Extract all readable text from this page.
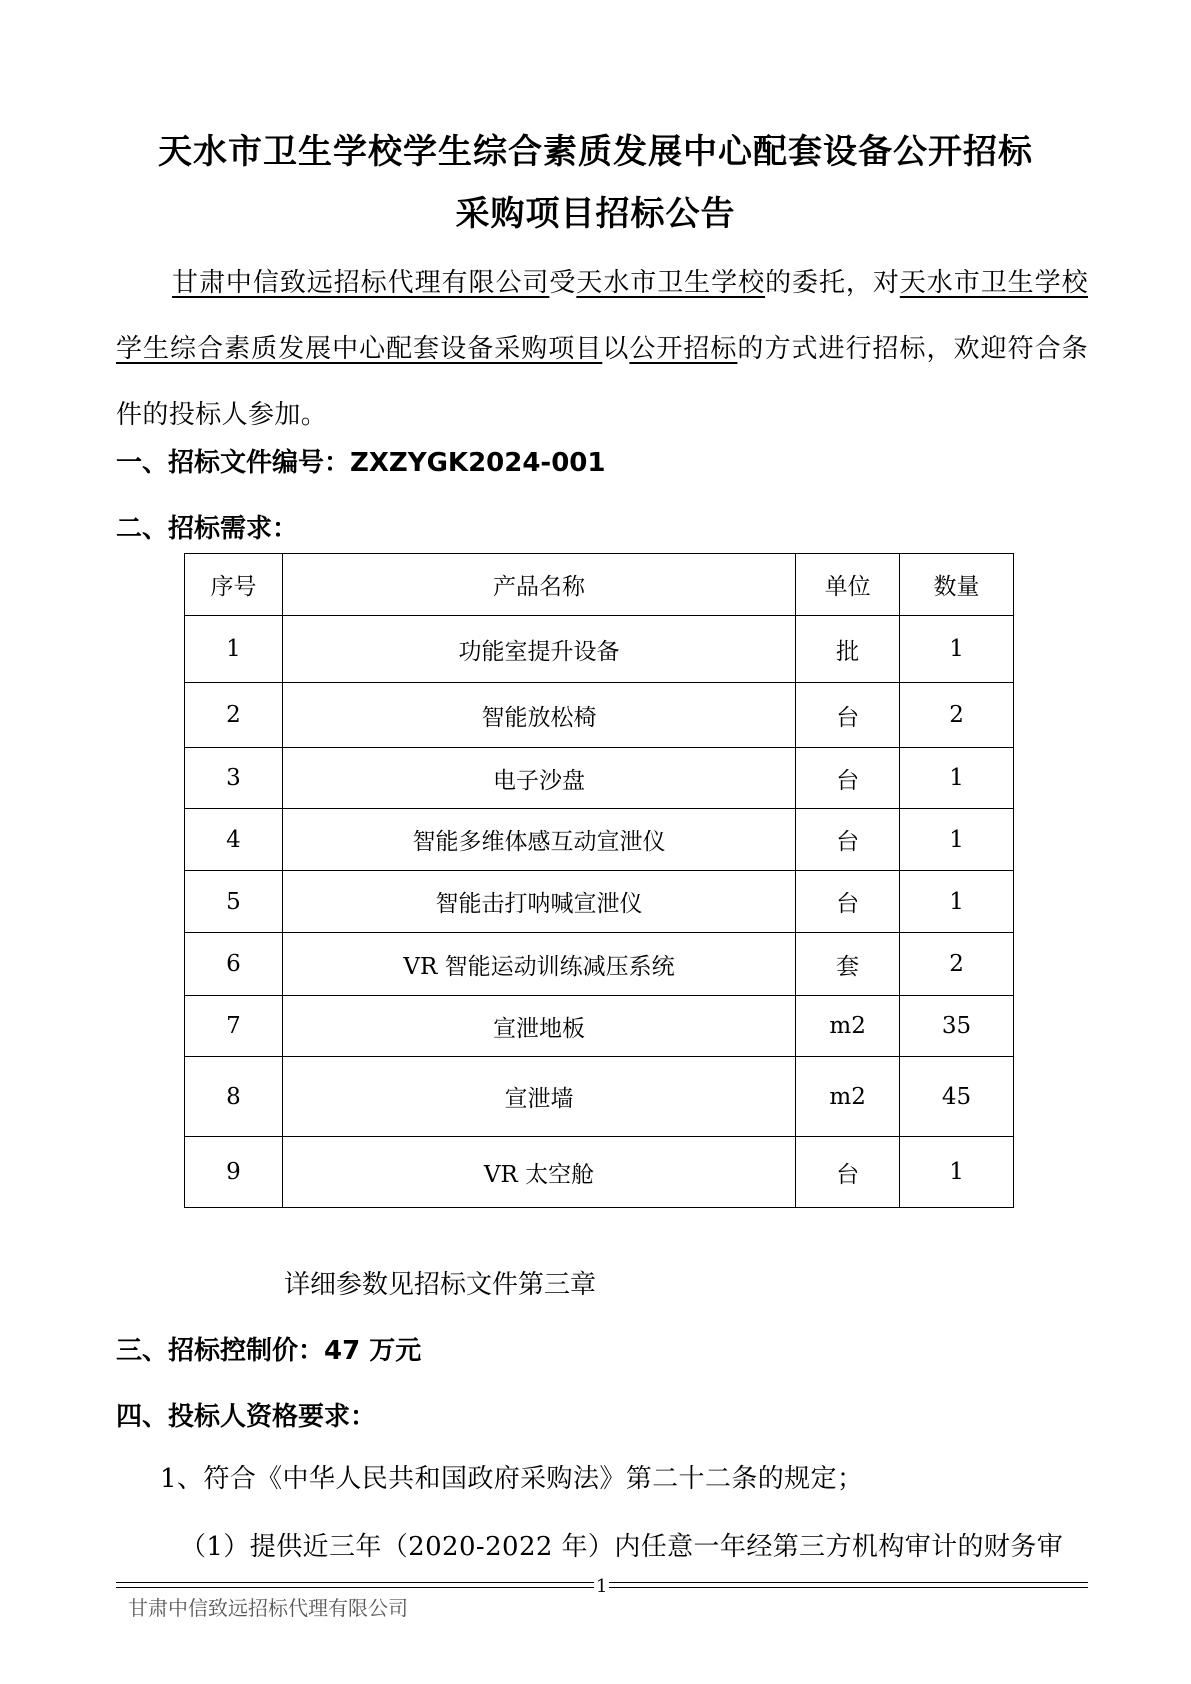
天水市卫生学校学生综合素质发展中心配套设备公开招标
采购项目招标公告

甘肃中信致远招标代理有限公司受天水市卫生学校的委托，对天水市卫生学校学生综合素质发展中心配套设备采购项目以公开招标的方式进行招标，欢迎符合条件的投标人参加。

一、招标文件编号：ZXZYGK2024-001
二、招标需求：
序号	产品名称	单位	数量
1	功能室提升设备	批	1
2	智能放松椅	台	2
3	电子沙盘	台	1
4	智能多维体感互动宣泄仪	台	1
5	智能击打呐喊宣泄仪	台	1
6	VR 智能运动训练减压系统	套	2
7	宣泄地板	m2	35
8	宣泄墙	m2	45
9	VR 太空舱	台	1

详细参数见招标文件第三章

三、招标控制价：47 万元
四、投标人资格要求：

1、符合《中华人民共和国政府采购法》第二十二条的规定；

（1）提供近三年（2020-2022 年）内任意一年经第三方机构审计的财务审

1
甘肃中信致远招标代理有限公司
